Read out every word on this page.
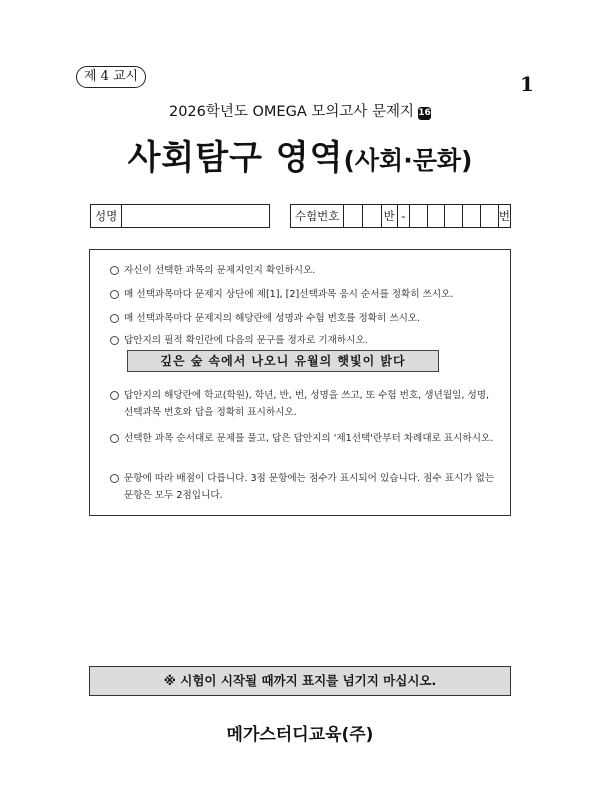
제 4 교시	1
2026학년도 OMEGA 모의고사 문제지 16
사회탐구 영역(사회·문화)
성명	수험번호	반 -	번
자신이 선택한 과목의 문제지인지 확인하시오.
매 선택과목마다 문제지 상단에 제[1], [2]선택과목 응시 순서를 정확히 쓰시오.
매 선택과목마다 문제지의 해당란에 성명과 수험 번호를 정확히 쓰시오.
답안지의 필적 확인란에 다음의 문구를 정자로 기재하시오.
깊은 숲 속에서 나오니 유월의 햇빛이 밝다
답안지의 해당란에 학교(학원), 학년, 반, 번, 성명을 쓰고, 또 수험 번호, 생년월일, 성명, 선택과목 번호와 답을 정확히 표시하시오.
선택한 과목 순서대로 문제를 풀고, 답은 답안지의 '제1선택'란부터 차례대로 표시하시오.
문항에 따라 배점이 다릅니다. 3점 문항에는 점수가 표시되어 있습니다. 점수 표시가 없는 문항은 모두 2점입니다.
※ 시험이 시작될 때까지 표지를 넘기지 마십시오.
메가스터디교육(주)
